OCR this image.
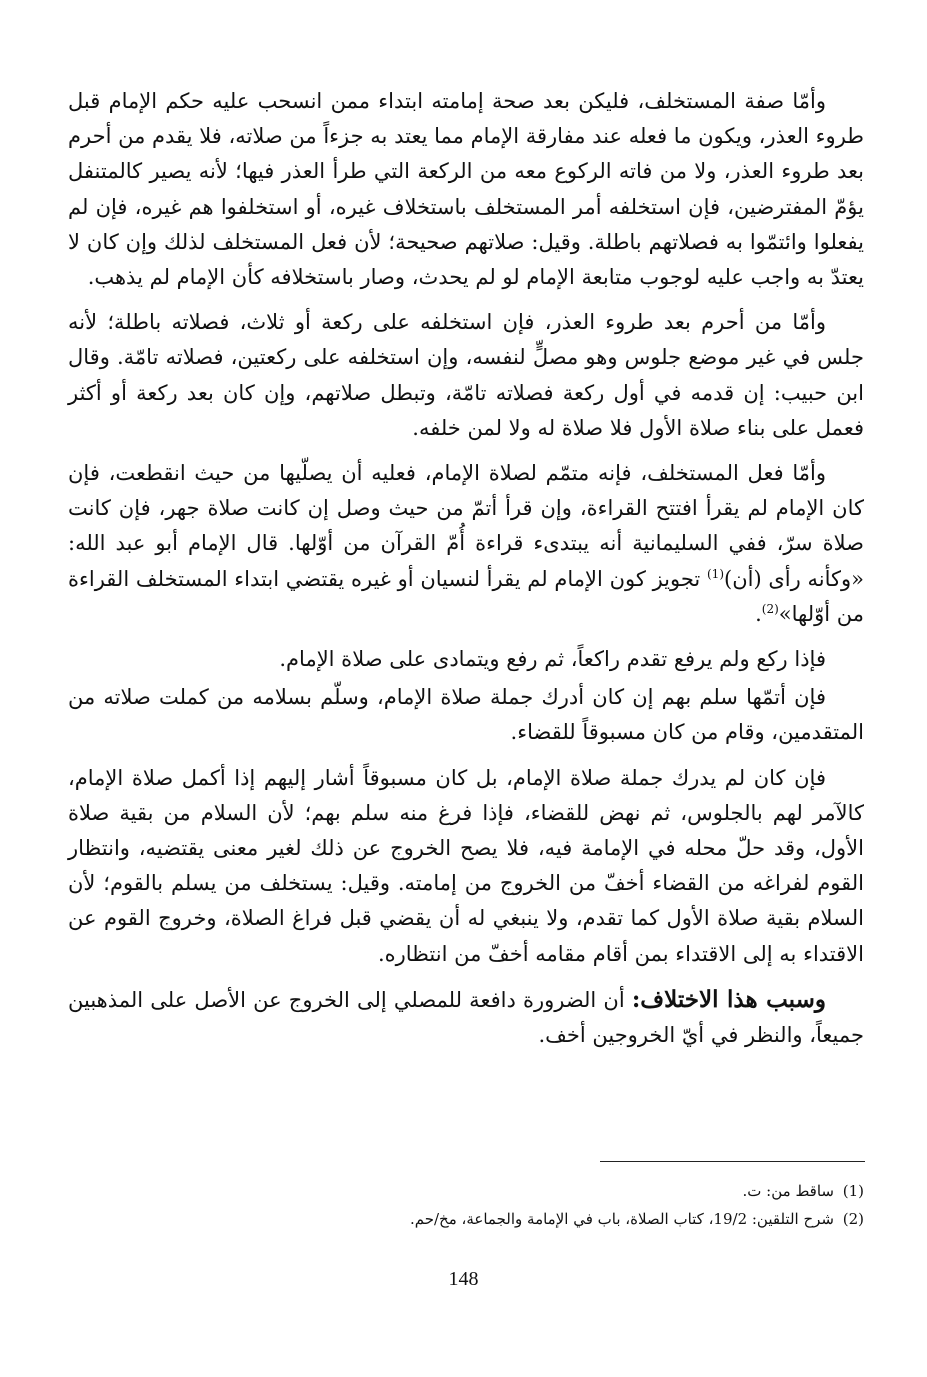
وأمّا صفة المستخلف، فليكن بعد صحة إمامته ابتداء ممن انسحب عليه حكم الإمام قبل طروء العذر، ويكون ما فعله عند مفارقة الإمام مما يعتد به جزءاً من صلاته، فلا يقدم من أحرم بعد طروء العذر، ولا من فاته الركوع معه من الركعة التي طرأ العذر فيها؛ لأنه يصير كالمتنفل يؤمّ المفترضين، فإن استخلفه أمر المستخلف باستخلاف غيره، أو استخلفوا هم غيره، فإن لم يفعلوا وائتمّوا به فصلاتهم باطلة. وقيل: صلاتهم صحيحة؛ لأن فعل المستخلف لذلك وإن كان لا يعتدّ به واجب عليه لوجوب متابعة الإمام لو لم يحدث، وصار باستخلافه كأن الإمام لم يذهب.

وأمّا من أحرم بعد طروء العذر، فإن استخلفه على ركعة أو ثلاث، فصلاته باطلة؛ لأنه جلس في غير موضع جلوس وهو مصلٍّ لنفسه، وإن استخلفه على ركعتين، فصلاته تامّة. وقال ابن حبيب: إن قدمه في أول ركعة فصلاته تامّة، وتبطل صلاتهم، وإن كان بعد ركعة أو أكثر فعمل على بناء صلاة الأول فلا صلاة له ولا لمن خلفه.

وأمّا فعل المستخلف، فإنه متمّم لصلاة الإمام، فعليه أن يصلّيها من حيث انقطعت، فإن كان الإمام لم يقرأ افتتح القراءة، وإن قرأ أتمّ من حيث وصل إن كانت صلاة جهر، فإن كانت صلاة سرّ، ففي السليمانية أنه يبتدىء قراءة أُمّ القرآن من أوّلها. قال الإمام أبو عبد الله: «وكأنه رأى (أن)$^{(1)}$ تجويز كون الإمام لم يقرأ لنسيان أو غيره يقتضي ابتداء المستخلف القراءة من أوّلها»$^{(2)}$.

فإذا ركع ولم يرفع تقدم راكعاً، ثم رفع ويتمادى على صلاة الإمام.

فإن أتمّها سلم بهم إن كان أدرك جملة صلاة الإمام، وسلّم بسلامه من كملت صلاته من المتقدمين، وقام من كان مسبوقاً للقضاء.

فإن كان لم يدرك جملة صلاة الإمام، بل كان مسبوقاً أشار إليهم إذا أكمل صلاة الإمام، كالآمر لهم بالجلوس، ثم نهض للقضاء، فإذا فرغ منه سلم بهم؛ لأن السلام من بقية صلاة الأول، وقد حلّ محله في الإمامة فيه، فلا يصح الخروج عن ذلك لغير معنى يقتضيه، وانتظار القوم لفراغه من القضاء أخفّ من الخروج من إمامته. وقيل: يستخلف من يسلم بالقوم؛ لأن السلام بقية صلاة الأول كما تقدم، ولا ينبغي له أن يقضي قبل فراغ الصلاة، وخروج القوم عن الاقتداء به إلى الاقتداء بمن أقام مقامه أخفّ من انتظاره.

وسبب هذا الاختلاف: أن الضرورة دافعة للمصلي إلى الخروج عن الأصل على المذهبين جميعاً، والنظر في أيّ الخروجين أخف.

(1)ساقط من: ت.

(2)شرح التلقين: 19/2، كتاب الصلاة، باب في الإمامة والجماعة، مخ/حم.

148
